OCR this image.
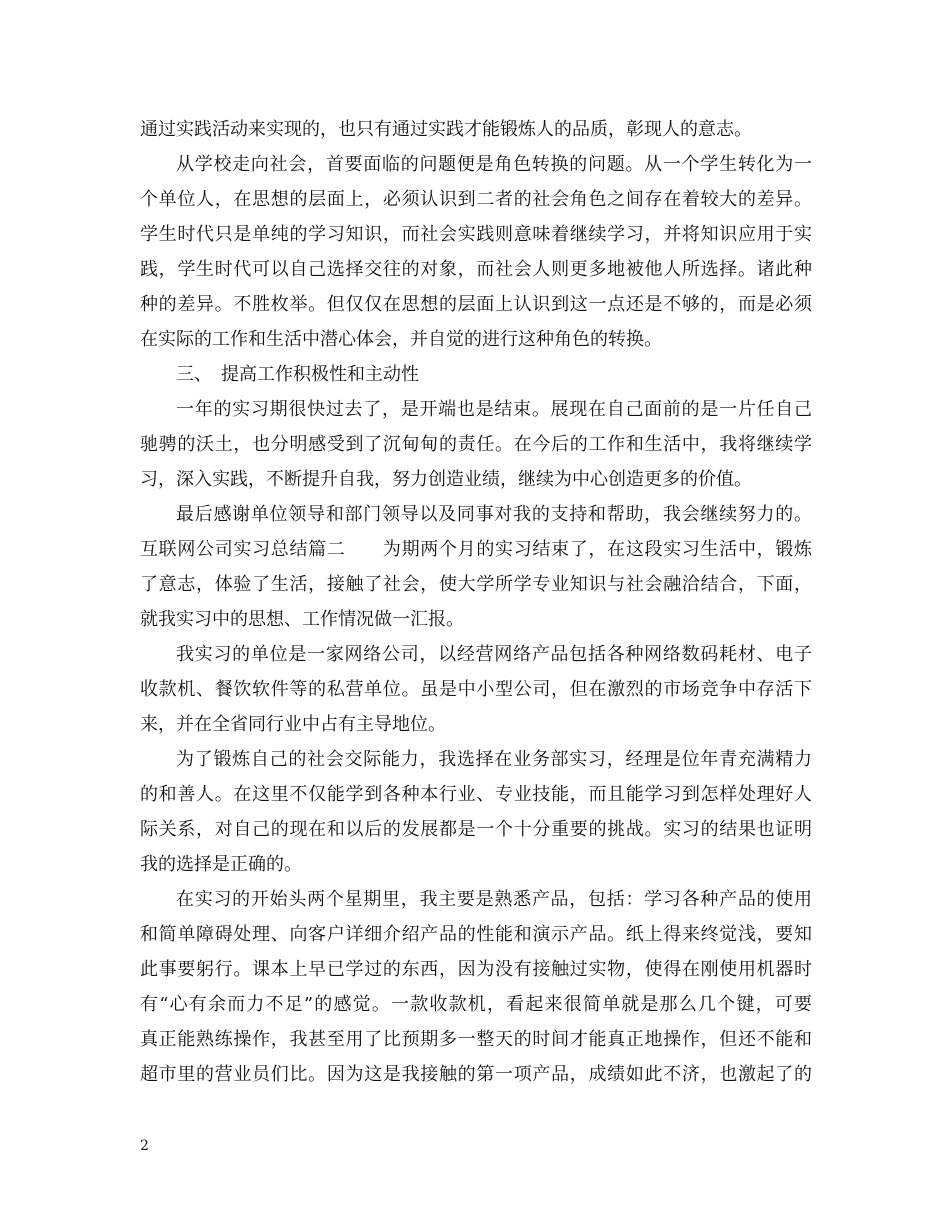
通过实践活动来实现的，也只有通过实践才能锻炼人的品质，彰现人的意志。
从学校走向社会，首要面临的问题便是角色转换的问题。从一个学生转化为一
个单位人，在思想的层面上，必须认识到二者的社会角色之间存在着较大的差异。
学生时代只是单纯的学习知识，而社会实践则意味着继续学习，并将知识应用于实
践，学生时代可以自己选择交往的对象，而社会人则更多地被他人所选择。诸此种
种的差异。不胜枚举。但仅仅在思想的层面上认识到这一点还是不够的，而是必须
在实际的工作和生活中潜心体会，并自觉的进行这种角色的转换。
三、　提高工作积极性和主动性
一年的实习期很快过去了，是开端也是结束。展现在自己面前的是一片任自己
驰骋的沃土，也分明感受到了沉甸甸的责任。在今后的工作和生活中，我将继续学
习，深入实践，不断提升自我，努力创造业绩，继续为中心创造更多的价值。
最后感谢单位领导和部门领导以及同事对我的支持和帮助，我会继续努力的。
互联网公司实习总结篇二　　为期两个月的实习结束了，在这段实习生活中，锻炼
了意志，体验了生活，接触了社会，使大学所学专业知识与社会融洽结合，下面，
就我实习中的思想、工作情况做一汇报。
我实习的单位是一家网络公司，以经营网络产品包括各种网络数码耗材、电子
收款机、餐饮软件等的私营单位。虽是中小型公司，但在激烈的市场竞争中存活下
来，并在全省同行业中占有主导地位。
为了锻炼自己的社会交际能力，我选择在业务部实习，经理是位年青充满精力
的和善人。在这里不仅能学到各种本行业、专业技能，而且能学习到怎样处理好人
际关系，对自己的现在和以后的发展都是一个十分重要的挑战。实习的结果也证明
我的选择是正确的。
在实习的开始头两个星期里，我主要是熟悉产品，包括：学习各种产品的使用
和简单障碍处理、向客户详细介绍产品的性能和演示产品。纸上得来终觉浅，要知
此事要躬行。课本上早已学过的东西，因为没有接触过实物，使得在刚使用机器时
有“心有余而力不足”的感觉。一款收款机，看起来很简单就是那么几个键，可要
真正能熟练操作，我甚至用了比预期多一整天的时间才能真正地操作，但还不能和
超市里的营业员们比。因为这是我接触的第一项产品，成绩如此不济，也激起了的
2
